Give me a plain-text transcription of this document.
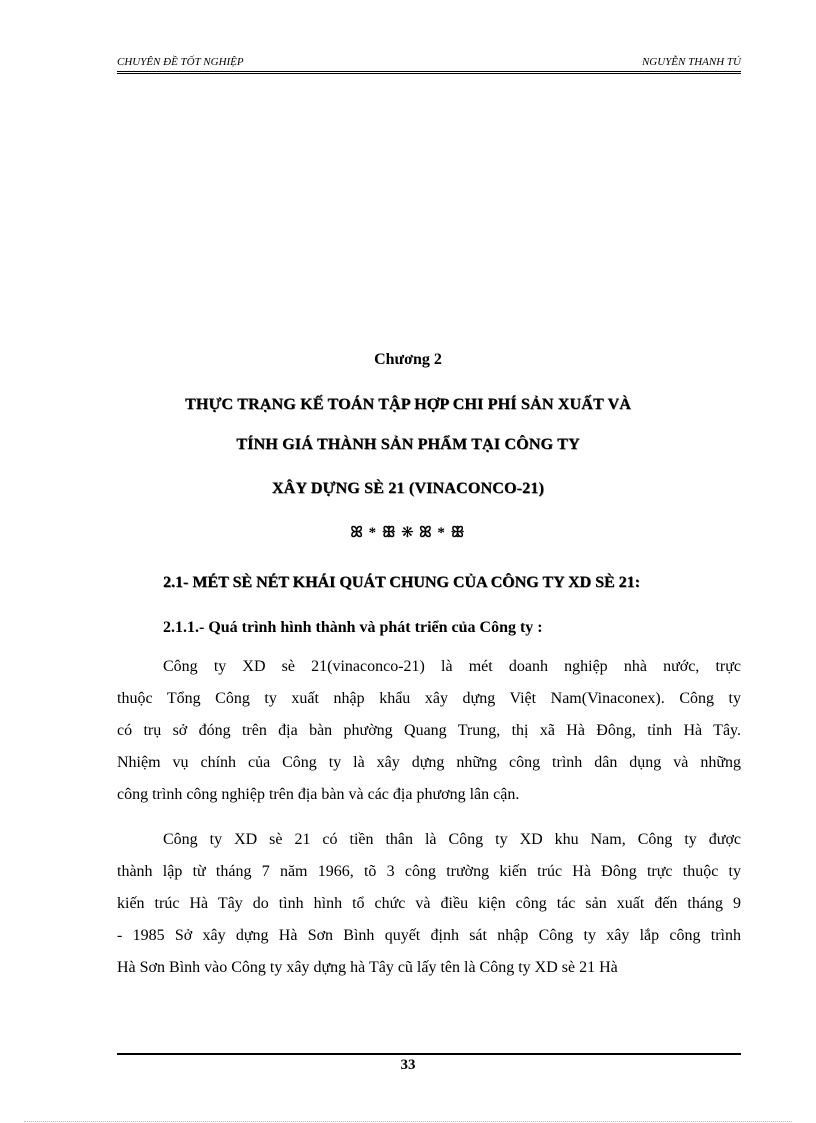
CHUYÊN ĐỀ TỐT NGHIỆP	NGUYỄN THANH TÚ
Chương 2
THỰC TRẠNG KẾ TOÁN TẬP HỢP CHI PHÍ SẢN XUẤT VÀ
TÍNH GIÁ THÀNH SẢN PHẨM TẠI CÔNG TY
XÂY DỰNG SÈ 21 (VINACONCO-21)
ꕤ * ꕥ ❊ ꕤ * ꕥ
2.1- MÉT SÈ NÉT KHÁI QUÁT CHUNG CỦA CÔNG TY XD SÈ 21:
2.1.1.- Quá trình hình thành và phát triển của Công ty :
Công ty XD sè 21(vinaconco-21) là mét doanh nghiệp nhà nước, trực
thuộc Tổng Công ty xuất nhập khẩu xây dựng Việt Nam(Vinaconex). Công ty
có trụ sở đóng trên địa bàn phường Quang Trung, thị xã Hà Đông, tỉnh Hà Tây.
Nhiệm vụ chính của Công ty là xây dựng những công trình dân dụng và những
công trình công nghiệp trên địa bàn và các địa phương lân cận.
Công ty XD sè 21 có tiền thân là Công ty XD khu Nam, Công ty được
thành lập từ tháng 7 năm 1966, tõ 3 công trường kiến trúc Hà Đông trực thuộc ty
kiến trúc Hà Tây do tình hình tổ chức và điều kiện công tác sản xuất đến tháng 9
- 1985 Sở xây dựng Hà Sơn Bình quyết định sát nhập Công ty xây lắp công trình
Hà Sơn Bình vào Công ty xây dựng hà Tây cũ lấy tên là Công ty XD sè 21 Hà
33
